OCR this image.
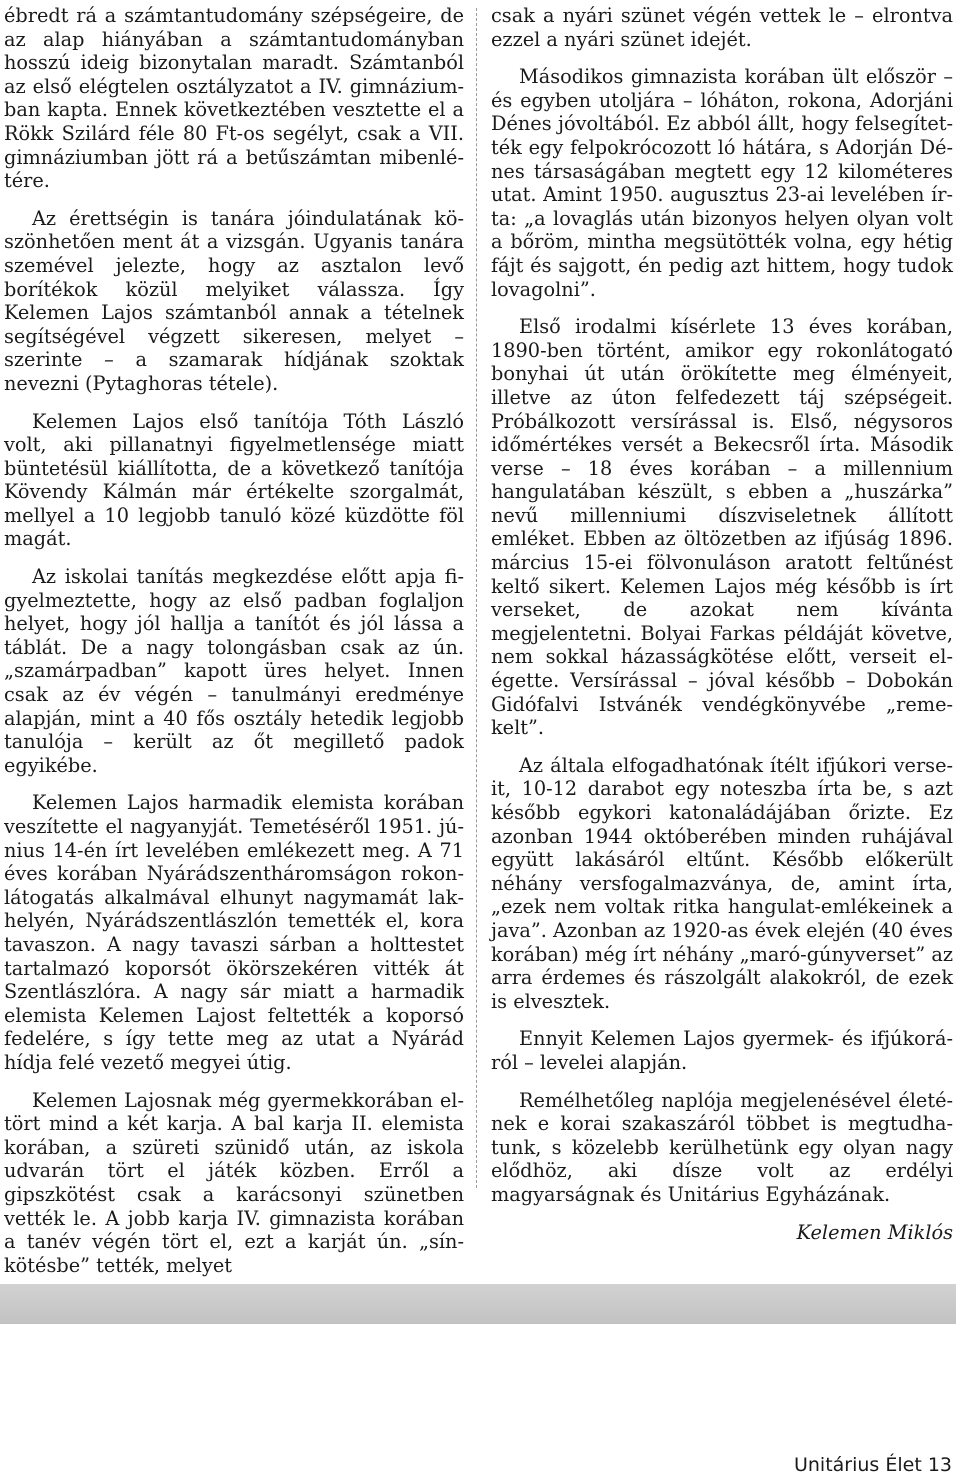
ébredt rá a számtantudomány szépségeire, de az alap hiányában a számtantudományban hosszú ideig bizonytalan maradt. Számtanból az első elégtelen osztályzatot a IV. gimnáziumban kapta. Ennek következtében vesztette el a Rökk Szilárd féle 80 Ft-os segélyt, csak a VII. gimnáziumban jött rá a betűszámtan mibenlétére.

Az érettségin is tanára jóindulatának köszönhetően ment át a vizsgán. Ugyanis tanára szemével jelezte, hogy az asztalon levő borítékok közül melyiket válassza. Így Kelemen Lajos számtanból annak a tételnek segítségével végzett sikeresen, melyet – szerinte – a szamarak hídjának szoktak nevezni (Pytaghoras tétele).

Kelemen Lajos első tanítója Tóth László volt, aki pillanatnyi figyelmetlensége miatt büntetésül kiállította, de a következő tanítója Kövendy Kálmán már értékelte szorgalmát, mellyel a 10 legjobb tanuló közé küzdötte föl magát.

Az iskolai tanítás megkezdése előtt apja figyelmeztette, hogy az első padban foglaljon helyet, hogy jól hallja a tanítót és jól lássa a táblát. De a nagy tolongásban csak az ún. „szamárpadban” kapott üres helyet. Innen csak az év végén – tanulmányi eredménye alapján, mint a 40 fős osztály hetedik legjobb tanulója – került az őt megillető padok egyikébe.

Kelemen Lajos harmadik elemista korában veszítette el nagyanyját. Temetéséről 1951. június 14-én írt levelében emlékezett meg. A 71 éves korában Nyárádszentháromságon rokonlátogatás alkalmával elhunyt nagymamát lakhelyén, Nyárádszentlászlón temették el, kora tavaszon. A nagy tavaszi sárban a holttestet tartalmazó koporsót ökörszekéren vitték át Szentlászlóra. A nagy sár miatt a harmadik elemista Kelemen Lajost feltették a koporsó fedelére, s így tette meg az utat a Nyárád hídja felé vezető megyei útig.

Kelemen Lajosnak még gyermekkorában eltört mind a két karja. A bal karja II. elemista korában, a szüreti szünidő után, az iskola udvarán tört el játék közben. Erről a gipszkötést csak a karácsonyi szünetben vették le. A jobb karja IV. gimnazista korában a tanév végén tört el, ezt a karját ún. „sín-kötésbe” tették, melyet

csak a nyári szünet végén vettek le – elrontva ezzel a nyári szünet idejét.

Másodikos gimnazista korában ült először – és egyben utoljára – lóháton, rokona, Adorjáni Dénes jóvoltából. Ez abból állt, hogy felsegítették egy felpokrócozott ló hátára, s Adorján Dénes társaságában megtett egy 12 kilométeres utat. Amint 1950. augusztus 23-ai levelében írta: „a lovaglás után bizonyos helyen olyan volt a bőröm, mintha megsütötték volna, egy hétig fájt és sajgott, én pedig azt hittem, hogy tudok lovagolni”.

Első irodalmi kísérlete 13 éves korában, 1890-ben történt, amikor egy rokonlátogató bonyhai út után örökítette meg élményeit, illetve az úton felfedezett táj szépségeit. Próbálkozott versírással is. Első, négysoros időmértékes versét a Bekecsről írta. Második verse – 18 éves korában – a millennium hangulatában készült, s ebben a „huszárka” nevű millenniumi díszviseletnek állított emléket. Ebben az öltözetben az ifjúság 1896. március 15-ei fölvonuláson aratott feltűnést keltő sikert. Kelemen Lajos még később is írt verseket, de azokat nem kívánta megjelentetni. Bolyai Farkas példáját követve, nem sokkal házasságkötése előtt, verseit elégette. Versírással – jóval később – Dobokán Gidófalvi Istvánék vendégkönyvébe „remekelt”.

Az általa elfogadhatónak ítélt ifjúkori verseit, 10-12 darabot egy noteszba írta be, s azt később egykori katonaládájában őrizte. Ez azonban 1944 októberében minden ruhájával együtt lakásáról eltűnt. Később előkerült néhány versfogalmazványa, de, amint írta, „ezek nem voltak ritka hangulat-emlékeinek a java”. Azonban az 1920-as évek elején (40 éves korában) még írt néhány „maró-gúnyverset” az arra érdemes és rászolgált alakokról, de ezek is elvesztek.

Ennyit Kelemen Lajos gyermek- és ifjúkoráról – levelei alapján.

Remélhetőleg naplója megjelenésével életének e korai szakaszáról többet is megtudhatunk, s közelebb kerülhetünk egy olyan nagy elődhöz, aki dísze volt az erdélyi magyarságnak és Unitárius Egyházának.

Kelemen Miklós

Unitárius Élet 13
